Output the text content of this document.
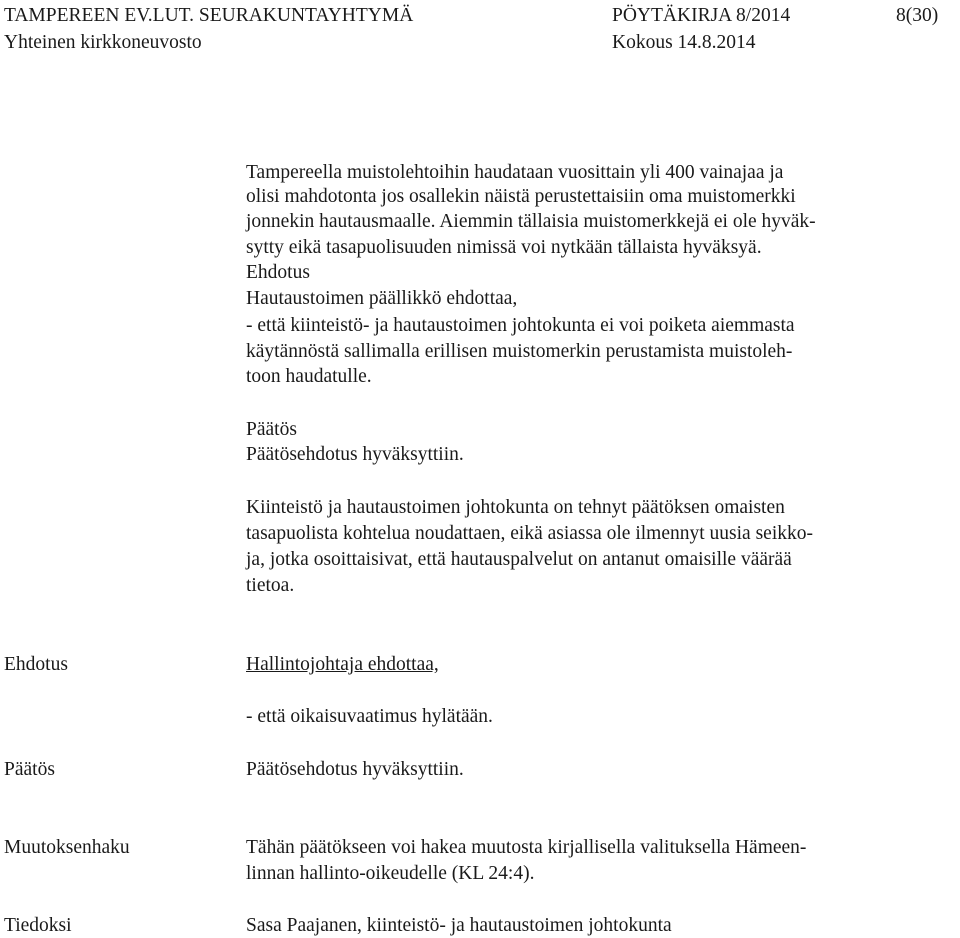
TAMPEREEN EV.LUT. SEURAKUNTAYHTYMÄ	PÖYTÄKIRJA 8/2014	8(30)
Yhteinen kirkkoneuvosto	Kokous 14.8.2014
Tampereella muistolehtoihin haudataan vuosittain yli 400 vainajaa ja
olisi mahdotonta jos osallekin näistä perustettaisiin oma muistomerkki
jonnekin hautausmaalle. Aiemmin tällaisia muistomerkkejä ei ole hyväk-
sytty eikä tasapuolisuuden nimissä voi nytkään tällaista hyväksyä.
Ehdotus
Hautaustoimen päällikkö ehdottaa,
- että kiinteistö- ja hautaustoimen johtokunta ei voi poiketa aiemmasta
käytännöstä sallimalla erillisen muistomerkin perustamista muistoleh-
toon haudatulle.
Päätös
Päätösehdotus hyväksyttiin.
Kiinteistö ja hautaustoimen johtokunta on tehnyt päätöksen omaisten
tasapuolista kohtelua noudattaen, eikä asiassa ole ilmennyt uusia seikko-
ja, jotka osoittaisivat, että hautauspalvelut on antanut omaisille väärää
tietoa.
Ehdotus	Hallintojohtaja ehdottaa,
- että oikaisuvaatimus hylätään.
Päätös	Päätösehdotus hyväksyttiin.
Muutoksenhaku	Tähän päätökseen voi hakea muutosta kirjallisella valituksella Hämeen-
linnan hallinto-oikeudelle (KL 24:4).
Tiedoksi	Sasa Paajanen, kiinteistö- ja hautaustoimen johtokunta
